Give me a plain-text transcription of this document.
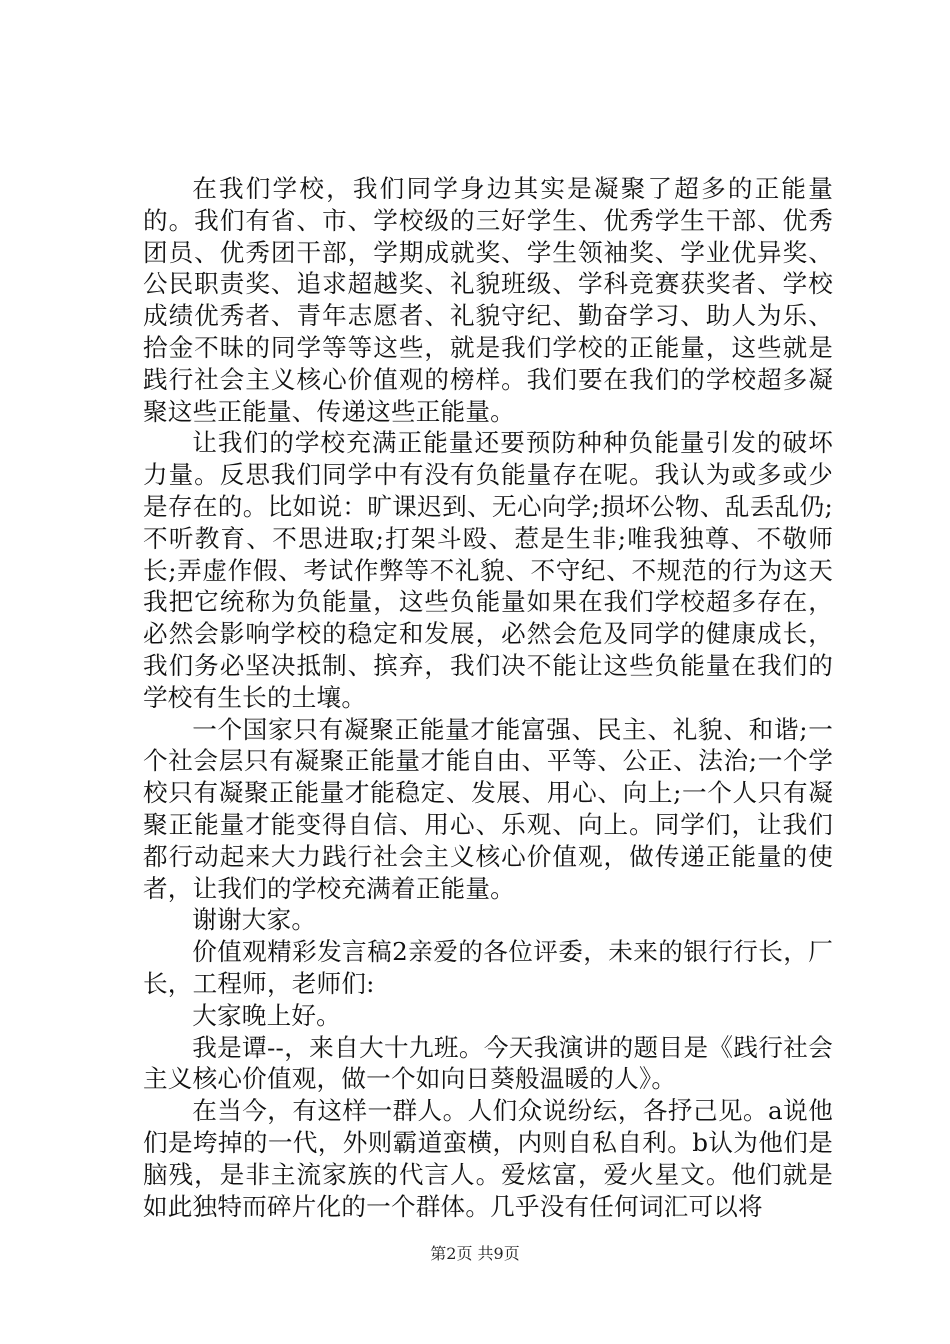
在我们学校，我们同学身边其实是凝聚了超多的正能量的。我们有省、市、学校级的三好学生、优秀学生干部、优秀团员、优秀团干部，学期成就奖、学生领袖奖、学业优异奖、公民职责奖、追求超越奖、礼貌班级、学科竞赛获奖者、学校成绩优秀者、青年志愿者、礼貌守纪、勤奋学习、助人为乐、拾金不昧的同学等等这些，就是我们学校的正能量，这些就是践行社会主义核心价值观的榜样。我们要在我们的学校超多凝聚这些正能量、传递这些正能量。

让我们的学校充满正能量还要预防种种负能量引发的破坏力量。反思我们同学中有没有负能量存在呢。我认为或多或少是存在的。比如说：旷课迟到、无心向学;损坏公物、乱丢乱仍;不听教育、不思进取;打架斗殴、惹是生非;唯我独尊、不敬师长;弄虚作假、考试作弊等不礼貌、不守纪、不规范的行为这天我把它统称为负能量，这些负能量如果在我们学校超多存在，必然会影响学校的稳定和发展，必然会危及同学的健康成长，我们务必坚决抵制、摈弃，我们决不能让这些负能量在我们的学校有生长的土壤。

一个国家只有凝聚正能量才能富强、民主、礼貌、和谐;一个社会层只有凝聚正能量才能自由、平等、公正、法治;一个学校只有凝聚正能量才能稳定、发展、用心、向上;一个人只有凝聚正能量才能变得自信、用心、乐观、向上。同学们，让我们都行动起来大力践行社会主义核心价值观，做传递正能量的使者，让我们的学校充满着正能量。

谢谢大家。

价值观精彩发言稿2亲爱的各位评委，未来的银行行长，厂长，工程师，老师们:

大家晚上好。

我是谭--，来自大十九班。今天我演讲的题目是《践行社会主义核心价值观，做一个如向日葵般温暖的人》。

在当今，有这样一群人。人们众说纷纭，各抒己见。a说他们是垮掉的一代，外则霸道蛮横，内则自私自利。b认为他们是脑残，是非主流家族的代言人。爱炫富，爱火星文。他们就是如此独特而碎片化的一个群体。几乎没有任何词汇可以将

第2页 共9页
